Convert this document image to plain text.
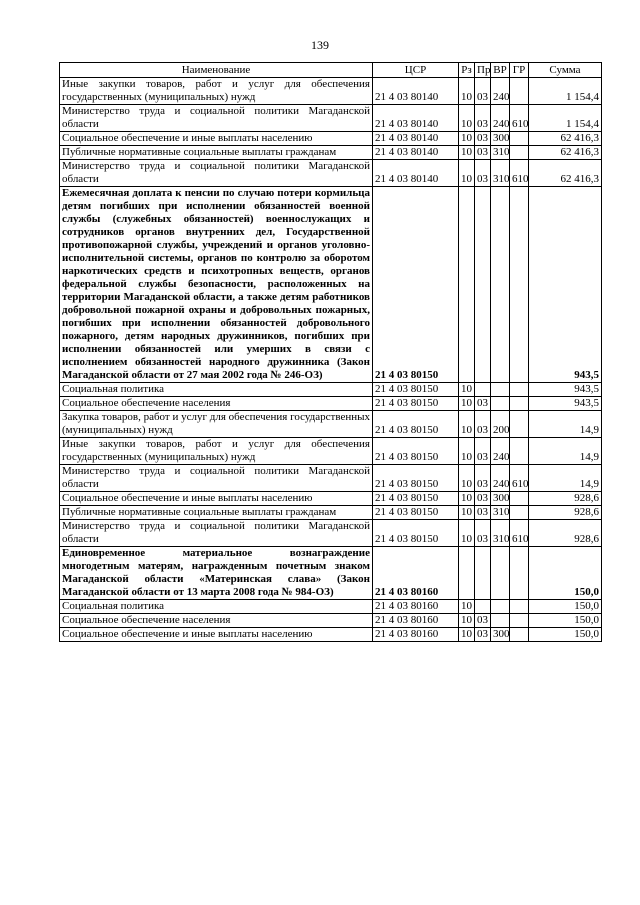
139
Наименование	ЦСР	Рз	Пр	ВР	ГР	Сумма
Иные закупки товаров, работ и услуг для обеспечения государственных (муниципальных) нужд	21 4 03 80140	10	03	240		1 154,4
Министерство труда и социальной политики Магаданской области	21 4 03 80140	10	03	240	610	1 154,4
Социальное обеспечение и иные выплаты населению	21 4 03 80140	10	03	300		62 416,3
Публичные нормативные социальные выплаты гражданам	21 4 03 80140	10	03	310		62 416,3
Министерство труда и социальной политики Магаданской области	21 4 03 80140	10	03	310	610	62 416,3
Ежемесячная доплата к пенсии по случаю потери кормильца детям погибших при исполнении обязанностей военной службы (служебных обязанностей) военнослужащих и сотрудников органов внутренних дел, Государственной противопожарной службы, учреждений и органов уголовно-исполнительной системы, органов по контролю за оборотом наркотических средств и психотропных веществ, органов федеральной службы безопасности, расположенных на территории Магаданской области, а также детям работников добровольной пожарной охраны и добровольных пожарных, погибших при исполнении обязанностей добровольного пожарного, детям народных дружинников, погибших при исполнении обязанностей или умерших в связи с исполнением обязанностей народного дружинника (Закон Магаданской области от 27 мая 2002 года № 246-ОЗ)	21 4 03 80150					943,5
Социальная политика	21 4 03 80150	10				943,5
Социальное обеспечение населения	21 4 03 80150	10	03			943,5
Закупка товаров, работ и услуг для обеспечения государственных (муниципальных) нужд	21 4 03 80150	10	03	200		14,9
Иные закупки товаров, работ и услуг для обеспечения государственных (муниципальных) нужд	21 4 03 80150	10	03	240		14,9
Министерство труда и социальной политики Магаданской области	21 4 03 80150	10	03	240	610	14,9
Социальное обеспечение и иные выплаты населению	21 4 03 80150	10	03	300		928,6
Публичные нормативные социальные выплаты гражданам	21 4 03 80150	10	03	310		928,6
Министерство труда и социальной политики Магаданской области	21 4 03 80150	10	03	310	610	928,6
Единовременное материальное вознаграждение многодетным матерям, награжденным почетным знаком Магаданской области «Материнская слава» (Закон Магаданской области от 13 марта 2008 года № 984-ОЗ)	21 4 03 80160					150,0
Социальная политика	21 4 03 80160	10				150,0
Социальное обеспечение населения	21 4 03 80160	10	03			150,0
Социальное обеспечение и иные выплаты населению	21 4 03 80160	10	03	300		150,0
